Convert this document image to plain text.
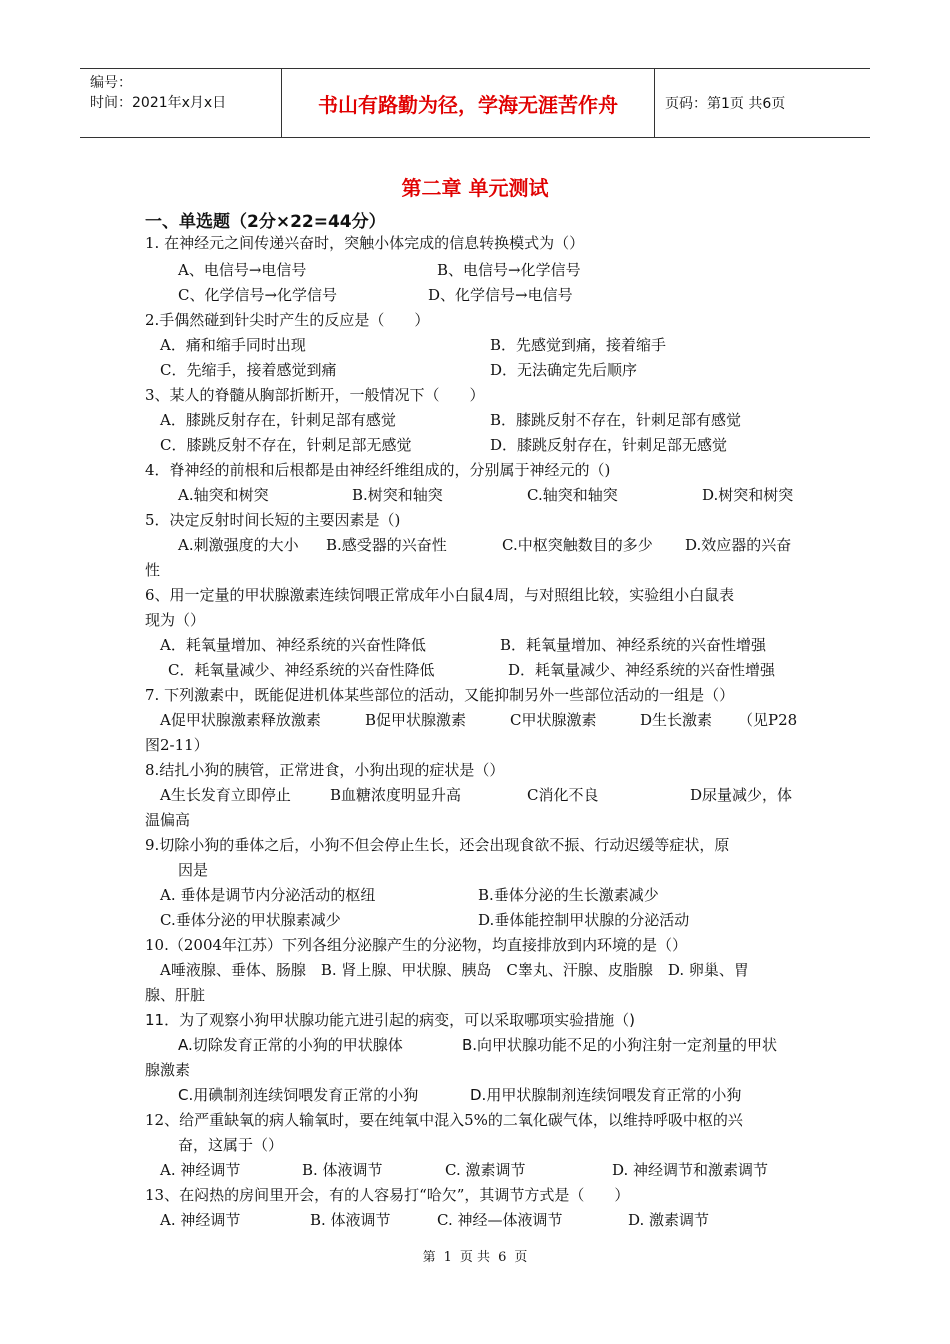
编号：
时间：2021年x月x日	书山有路勤为径，学海无涯苦作舟	页码：第1页 共6页
第二章 单元测试
一、单选题（2分×22=44分）
1. 在神经元之间传递兴奋时，突触小体完成的信息转换模式为（）
A、电信号→电信号	B、电信号→化学信号
C、化学信号→化学信号	D、化学信号→电信号
2.手偶然碰到针尖时产生的反应是（　　）
A．痛和缩手同时出现	B．先感觉到痛，接着缩手
C．先缩手，接着感觉到痛	D．无法确定先后顺序
3、某人的脊髓从胸部折断开，一般情况下（　　）
A．膝跳反射存在，针刺足部有感觉	B．膝跳反射不存在，针刺足部有感觉
C．膝跳反射不存在，针刺足部无感觉	D．膝跳反射存在，针刺足部无感觉
4．脊神经的前根和后根都是由神经纤维组成的，分别属于神经元的（)
A.轴突和树突	B.树突和轴突	C.轴突和轴突	D.树突和树突
5．决定反射时间长短的主要因素是（)
A.刺激强度的大小 B.感受器的兴奋性	C.中枢突触数目的多少 D.效应器的兴奋
性
6、用一定量的甲状腺激素连续饲喂正常成年小白鼠4周，与对照组比较，实验组小白鼠表
现为（）
A．耗氧量增加、神经系统的兴奋性降低	B．耗氧量增加、神经系统的兴奋性增强
C．耗氧量减少、神经系统的兴奋性降低	D．耗氧量减少、神经系统的兴奋性增强
7. 下列激素中，既能促进机体某些部位的活动，又能抑制另外一些部位活动的一组是（）
A促甲状腺激素释放激素	B促甲状腺激素	C甲状腺激素	D生长激素 （见P28
图2-11）
8.结扎小狗的胰管，正常进食，小狗出现的症状是（）
A生长发育立即停止	B血糖浓度明显升高	C消化不良	D尿量减少，体
温偏高
9.切除小狗的垂体之后，小狗不但会停止生长，还会出现食欲不振、行动迟缓等症状，原
因是
A. 垂体是调节内分泌活动的枢纽	B.垂体分泌的生长激素减少
C.垂体分泌的甲状腺素减少	D.垂体能控制甲状腺的分泌活动
10.（2004年江苏）下列各组分泌腺产生的分泌物，均直接排放到内环境的是（）
A唾液腺、垂体、肠腺　B. 肾上腺、甲状腺、胰岛　C睾丸、汗腺、皮脂腺　D. 卵巢、胃
腺、肝脏
11．为了观察小狗甲状腺功能亢进引起的病变，可以采取哪项实验措施（)
A.切除发育正常的小狗的甲状腺体	B.向甲状腺功能不足的小狗注射一定剂量的甲状
腺激素
C.用碘制剂连续饲喂发育正常的小狗	D.用甲状腺制剂连续饲喂发育正常的小狗
12、给严重缺氧的病人输氧时，要在纯氧中混入5%的二氧化碳气体，以维持呼吸中枢的兴
奋，这属于（）
A. 神经调节	B. 体液调节	C. 激素调节	D. 神经调节和激素调节
13、在闷热的房间里开会，有的人容易打“哈欠”，其调节方式是（　　）
A. 神经调节	B. 体液调节	C. 神经—体液调节	D. 激素调节
第 1 页 共 6 页
